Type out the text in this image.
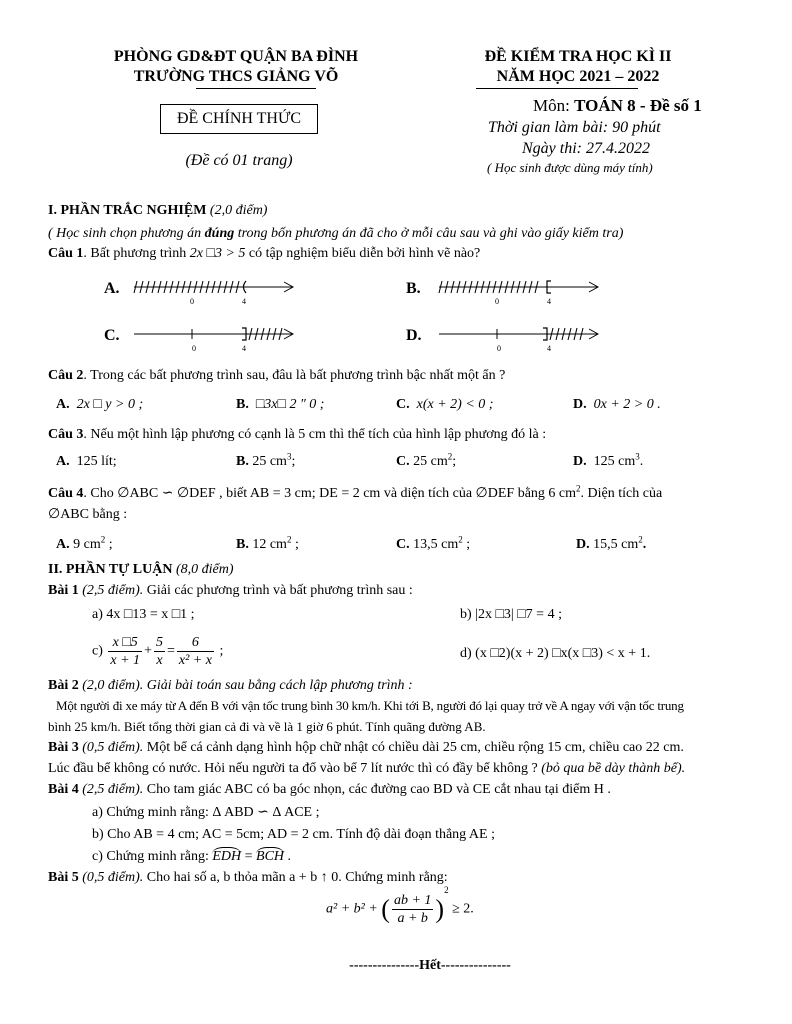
PHÒNG GD&ĐT QUẬN BA ĐÌNH
TRƯỜNG THCS GIẢNG VÕ
ĐỀ CHÍNH THỨC
(Đề có 01 trang)
ĐỀ KIỂM TRA HỌC KÌ II
NĂM HỌC 2021 – 2022
Môn: TOÁN 8 - Đề số 1
Thời gian làm bài: 90 phút
Ngày thi: 27.4.2022
( Học sinh được dùng máy tính)
I. PHẦN TRẮC NGHIỆM (2,0 điểm)
( Học sinh chọn phương án đúng trong bốn phương án đã cho ở mỗi câu sau và ghi vào giấy kiểm tra)
Câu 1. Bất phương trình 2x □3 > 5 có tập nghiệm biểu diễn bởi hình vẽ nào?
A.
0	4
B.
0	4
C.
0	4
D.
0	4
Câu 2. Trong các bất phương trình sau, đâu là bất phương trình bậc nhất một ẩn ?
A. 2x □ y > 0 ;	B. □3x□ 2 ″ 0 ;	C. x(x + 2) < 0 ;	D. 0x + 2 > 0 .
Câu 3. Nếu một hình lập phương có cạnh là 5 cm thì thể tích của hình lập phương đó là :
A. 125 lít;	B. 25 $cm^3$;	C. 25 $cm^2$;	D. 125 $cm^3$.
Câu 4. Cho ∅ABC ∽ ∅DEF , biết AB = 3 cm; DE = 2 cm và diện tích của ∅DEF bằng 6 $cm^2$. Diện tích của
∅ABC bằng :
A. 9 $cm^2$ ;	B. 12 $cm^2$ ;	C. 13,5 $cm^2$ ;	D. 15,5 $cm^2$.
II. PHẦN TỰ LUẬN (8,0 điểm)
Bài 1 (2,5 điểm). Giải các phương trình và bất phương trình sau :
a) 4x □13 = x □1 ;	b) |2x □3| □7 = 4 ;
$c) \frac{x □5}{x + 1} + \frac{5}{x} = \frac{6}{\text{x² + x}}$ ;	d) (x □2)(x + 2) □x(x □3) < x + 1.
Bài 2 (2,0 điểm). Giải bài toán sau bằng cách lập phương trình :
Một người đi xe máy từ A đến B với vận tốc trung bình 30 km/h. Khi tới B, người đó lại quay trở về A ngay với vận tốc trung
bình 25 km/h. Biết tổng thời gian cả đi và về là 1 giờ 6 phút. Tính quãng đường AB.
Bài 3 (0,5 điểm). Một bể cá cảnh dạng hình hộp chữ nhật có chiều dài 25 cm, chiều rộng 15 cm, chiều cao 22 cm.
Lúc đầu bể không có nước. Hỏi nếu người ta đổ vào bể 7 lít nước thì có đầy bể không ? (bỏ qua bề dày thành bể).
Bài 4 (2,5 điểm). Cho tam giác ABC có ba góc nhọn, các đường cao BD và CE cắt nhau tại điểm H .
a) Chứng minh rằng: Δ ABD ∽ Δ ACE ;
b) Cho AB = 4 cm; AC = 5cm; AD = 2 cm. Tính độ dài đoạn thẳng AE ;
c) Chứng minh rằng: EDH = BCH .
Bài 5 (0,5 điểm). Cho hai số a, b thỏa mãn a + b ↑ 0. Chứng minh rằng:
a² + b² + ( $\frac{ab + 1}{a + b} )^2 \ge 2$.
---------------Hết---------------
